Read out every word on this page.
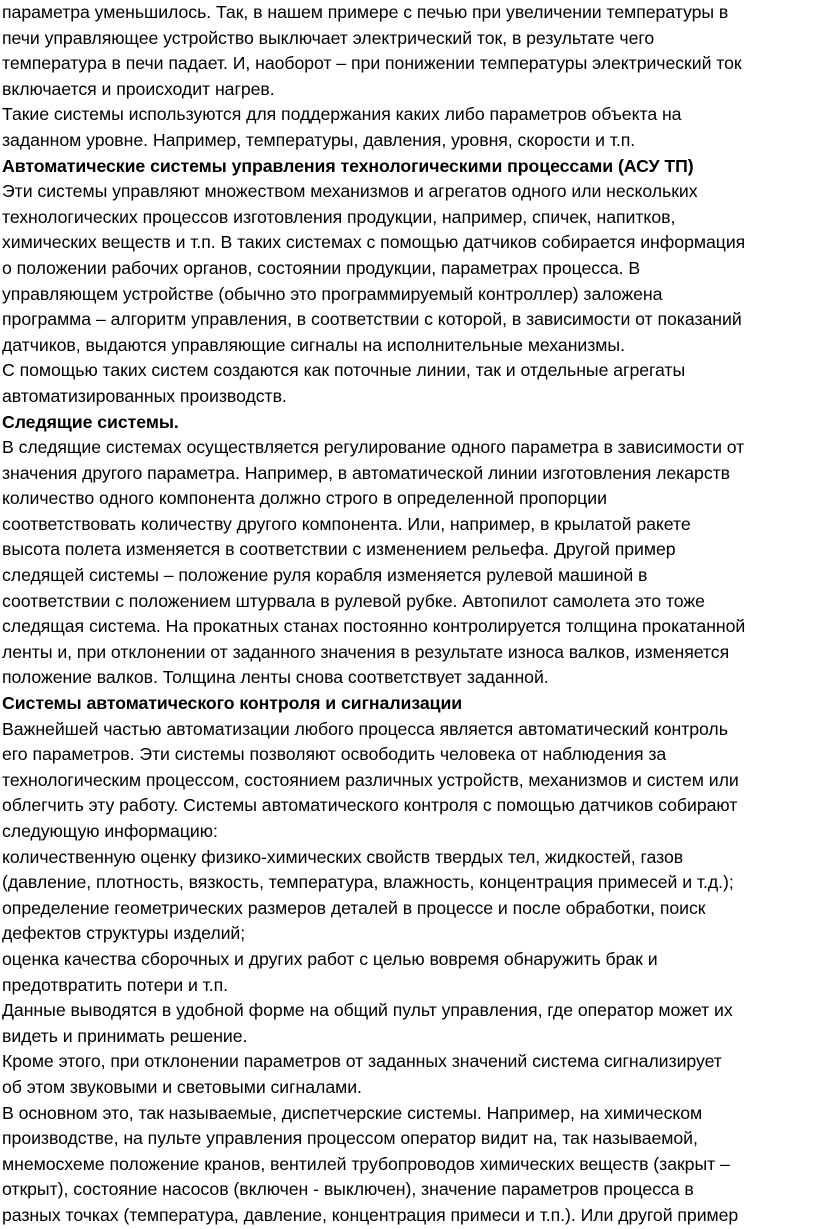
параметра уменьшилось. Так, в нашем примере с печью при увеличении температуры в
печи управляющее устройство выключает электрический ток, в результате чего
температура в печи падает. И, наоборот – при понижении температуры электрический ток
включается и происходит нагрев.
Такие системы используются для поддержания каких либо параметров объекта на
заданном уровне. Например, температуры, давления, уровня, скорости и т.п.
Автоматические системы управления технологическими процессами (АСУ ТП)
Эти системы управляют множеством механизмов и агрегатов одного или нескольких
технологических процессов изготовления продукции, например, спичек, напитков,
химических веществ и т.п. В таких системах с помощью датчиков собирается информация
о положении рабочих органов, состоянии продукции, параметрах процесса. В
управляющем устройстве (обычно это программируемый контроллер) заложена
программа – алгоритм управления, в соответствии с которой, в зависимости от показаний
датчиков, выдаются управляющие сигналы на исполнительные механизмы.
С помощью таких систем создаются как поточные линии, так и отдельные агрегаты
автоматизированных производств.
Следящие системы.
В следящие системах осуществляется регулирование одного параметра в зависимости от
значения другого параметра. Например, в автоматической линии изготовления лекарств
количество одного компонента должно строго в определенной пропорции
соответствовать количеству другого компонента. Или, например, в крылатой ракете
высота полета изменяется в соответствии с изменением рельефа. Другой пример
следящей системы – положение руля корабля изменяется рулевой машиной в
соответствии с положением штурвала в рулевой рубке. Автопилот самолета это тоже
следящая система. На прокатных станах постоянно контролируется толщина прокатанной
ленты и, при отклонении от заданного значения в результате износа валков, изменяется
положение валков. Толщина ленты снова соответствует заданной.
Системы автоматического контроля и сигнализации
Важнейшей частью автоматизации любого процесса является автоматический контроль
его параметров. Эти системы позволяют освободить человека от наблюдения за
технологическим процессом, состоянием различных устройств, механизмов и систем или
облегчить эту работу. Системы автоматического контроля с помощью датчиков собирают
следующую информацию:
количественную оценку физико-химических свойств твердых тел, жидкостей, газов
(давление, плотность, вязкость, температура, влажность, концентрация примесей и т.д.);
определение геометрических размеров деталей в процессе и после обработки, поиск
дефектов структуры изделий;
оценка качества сборочных и других работ с целью вовремя обнаружить брак и
предотвратить потери и т.п.
Данные выводятся в удобной форме на общий пульт управления, где оператор может их
видеть и принимать решение.
Кроме этого, при отклонении параметров от заданных значений система сигнализирует
об этом звуковыми и световыми сигналами.
В основном это, так называемые, диспетчерские системы. Например, на химическом
производстве, на пульте управления процессом оператор видит на, так называемой,
мнемосхеме положение кранов, вентилей трубопроводов химических веществ (закрыт –
открыт), состояние насосов (включен - выключен), значение параметров процесса в
разных точках (температура, давление, концентрация примеси и т.п.). Или другой пример
